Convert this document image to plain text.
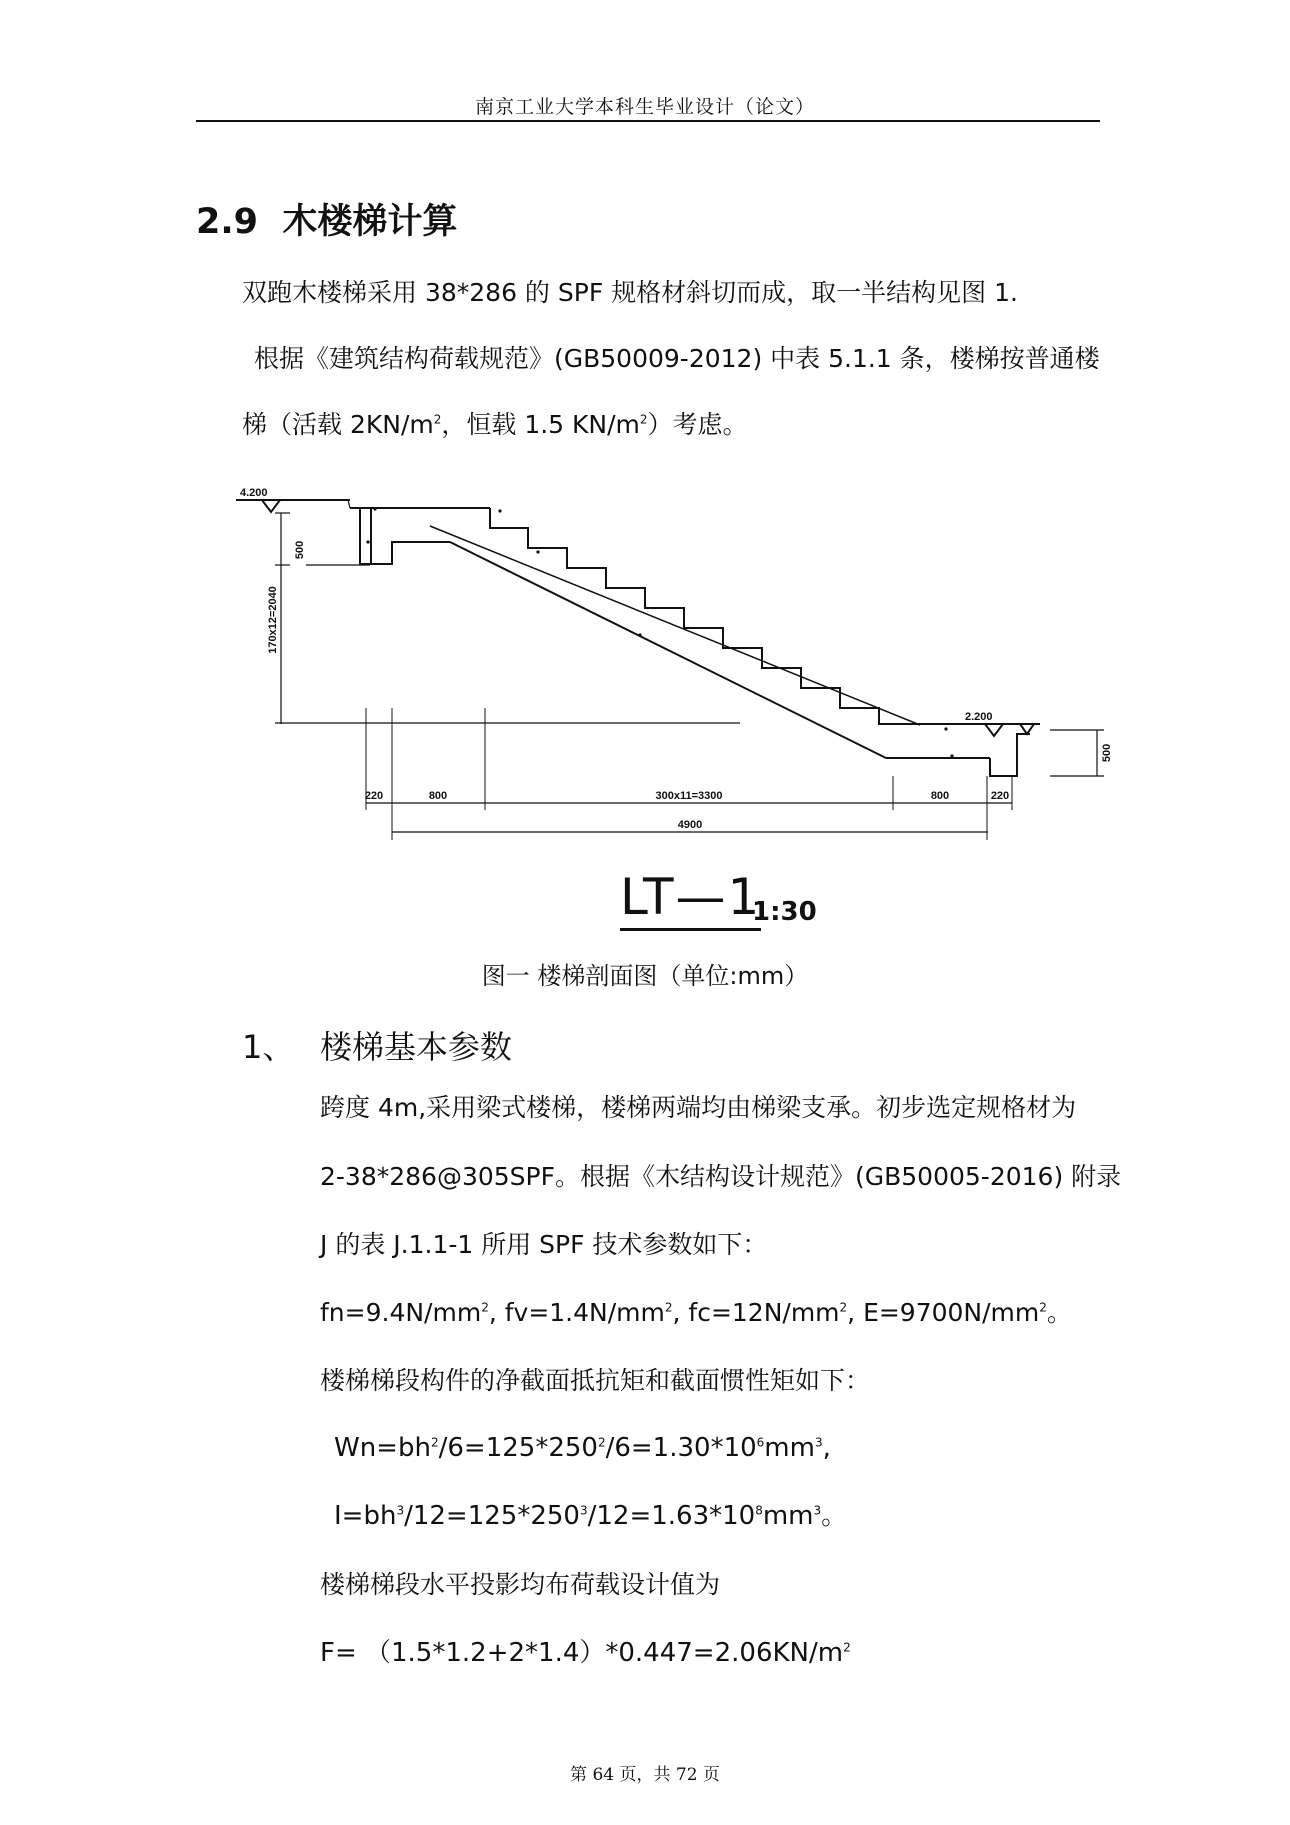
南京工业大学本科生毕业设计（论文）
2.9 木楼梯计算
双跑木楼梯采用 38*286 的 SPF 规格材斜切而成，取一半结构见图 1.
根据《建筑结构荷载规范》(GB50009-2012) 中表 5.1.1 条，楼梯按普通楼
梯（活载 $2KN/m^2$，恒载 1.5 $KN/m^2$）考虑。
4.200
2.200
220	800	300x11=3300	800	220
4900
500
170x12=2040
500
LT—1
1:30
图一 楼梯剖面图（单位:mm）
1、 楼梯基本参数
跨度 4m,采用梁式楼梯，楼梯两端均由梯梁支承。初步选定规格材为
2-38*286@305SPF。根据《木结构设计规范》(GB50005-2016) 附录
J 的表 J.1.1-1 所用 SPF 技术参数如下：
$fn=9.4N/mm^2$, $fv=1.4N/mm^2$, $fc=12N/mm^2$, $E=9700N/mm^2$。
楼梯梯段构件的净截面抵抗矩和截面惯性矩如下：
$Wn=bh^2/6=125*250^2/6=1.30*10^6mm^3$,
$I=bh^3/12=125*250^3/12=1.63*10^8mm^3$。
楼梯梯段水平投影均布荷载设计值为
$F= (1.5*1.2+2*1.4)*0.447=2.06KN/m^2$
第 64 页，共 72 页
